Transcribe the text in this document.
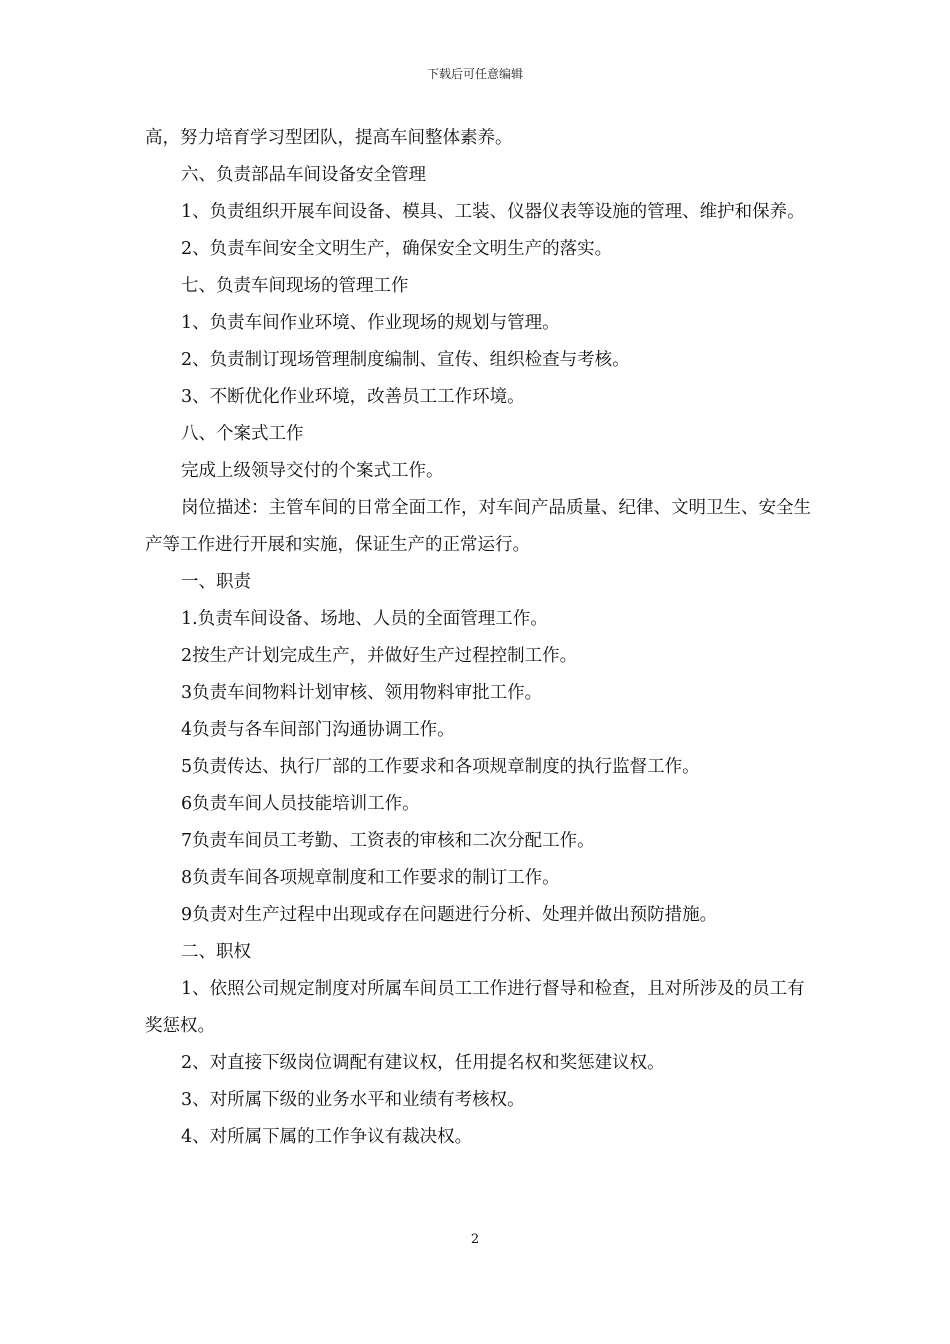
下载后可任意编辑

高，努力培育学习型团队，提高车间整体素养。

六、负责部品车间设备安全管理

1、负责组织开展车间设备、模具、工装、仪器仪表等设施的管理、维护和保养。

2、负责车间安全文明生产，确保安全文明生产的落实。

七、负责车间现场的管理工作

1、负责车间作业环境、作业现场的规划与管理。

2、负责制订现场管理制度编制、宣传、组织检查与考核。

3、不断优化作业环境，改善员工工作环境。

八、个案式工作

完成上级领导交付的个案式工作。

岗位描述：主管车间的日常全面工作，对车间产品质量、纪律、文明卫生、安全生产等工作进行开展和实施，保证生产的正常运行。

一、职责

1.负责车间设备、场地、人员的全面管理工作。

2按生产计划完成生产，并做好生产过程控制工作。

3负责车间物料计划审核、领用物料审批工作。

4负责与各车间部门沟通协调工作。

5负责传达、执行厂部的工作要求和各项规章制度的执行监督工作。

6负责车间人员技能培训工作。

7负责车间员工考勤、工资表的审核和二次分配工作。

8负责车间各项规章制度和工作要求的制订工作。

9负责对生产过程中出现或存在问题进行分析、处理并做出预防措施。

二、职权

1、依照公司规定制度对所属车间员工工作进行督导和检查，且对所涉及的员工有奖惩权。

2、对直接下级岗位调配有建议权，任用提名权和奖惩建议权。

3、对所属下级的业务水平和业绩有考核权。

4、对所属下属的工作争议有裁决权。

2
